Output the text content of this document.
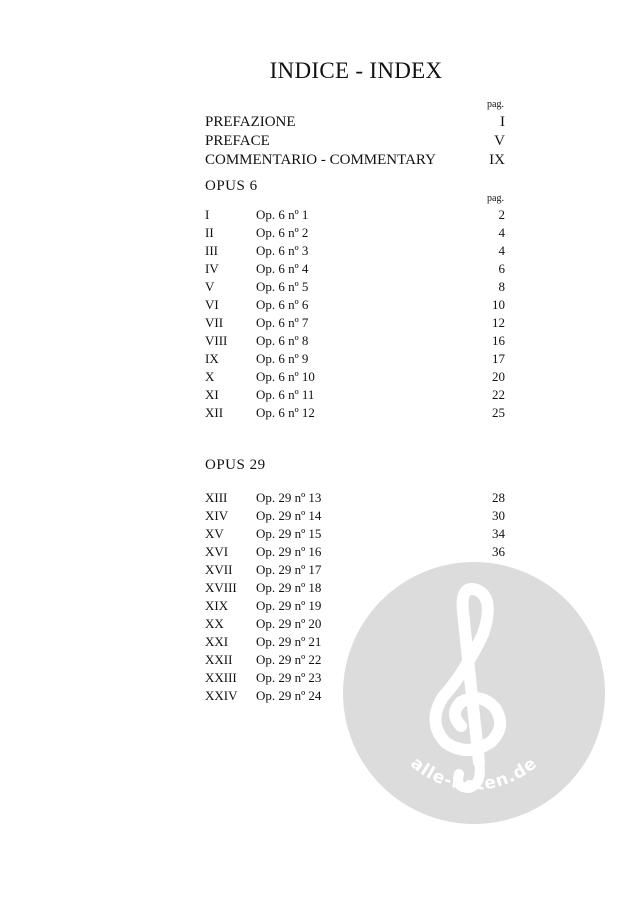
INDICE - INDEX
pag.
PREFAZIONE	I
PREFACE	V
COMMENTARIO - COMMENTARY	IX
OPUS 6
pag.
I	Op. 6 nº 1	2
II	Op. 6 nº 2	4
III	Op. 6 nº 3	4
IV	Op. 6 nº 4	6
V	Op. 6 nº 5	8
VI	Op. 6 nº 6	10
VII	Op. 6 nº 7	12
VIII Op. 6 nº 8	16
IX	Op. 6 nº 9	17
X	Op. 6 nº 10	20
XI	Op. 6 nº 11	22
XII	Op. 6 nº 12	25
OPUS 29
XIII Op. 29 nº 13	28
XIV Op. 29 nº 14	30
XV Op. 29 nº 15	34
XVI Op. 29 nº 16	36
XVII Op. 29 nº 17
XVIII Op. 29 nº 18
XIX Op. 29 nº 19
XX Op. 29 nº 20
XXI Op. 29 nº 21
XXII Op. 29 nº 22
XXIII Op. 29 nº 23
XXIV Op. 29 nº 24
alle-noten.de
